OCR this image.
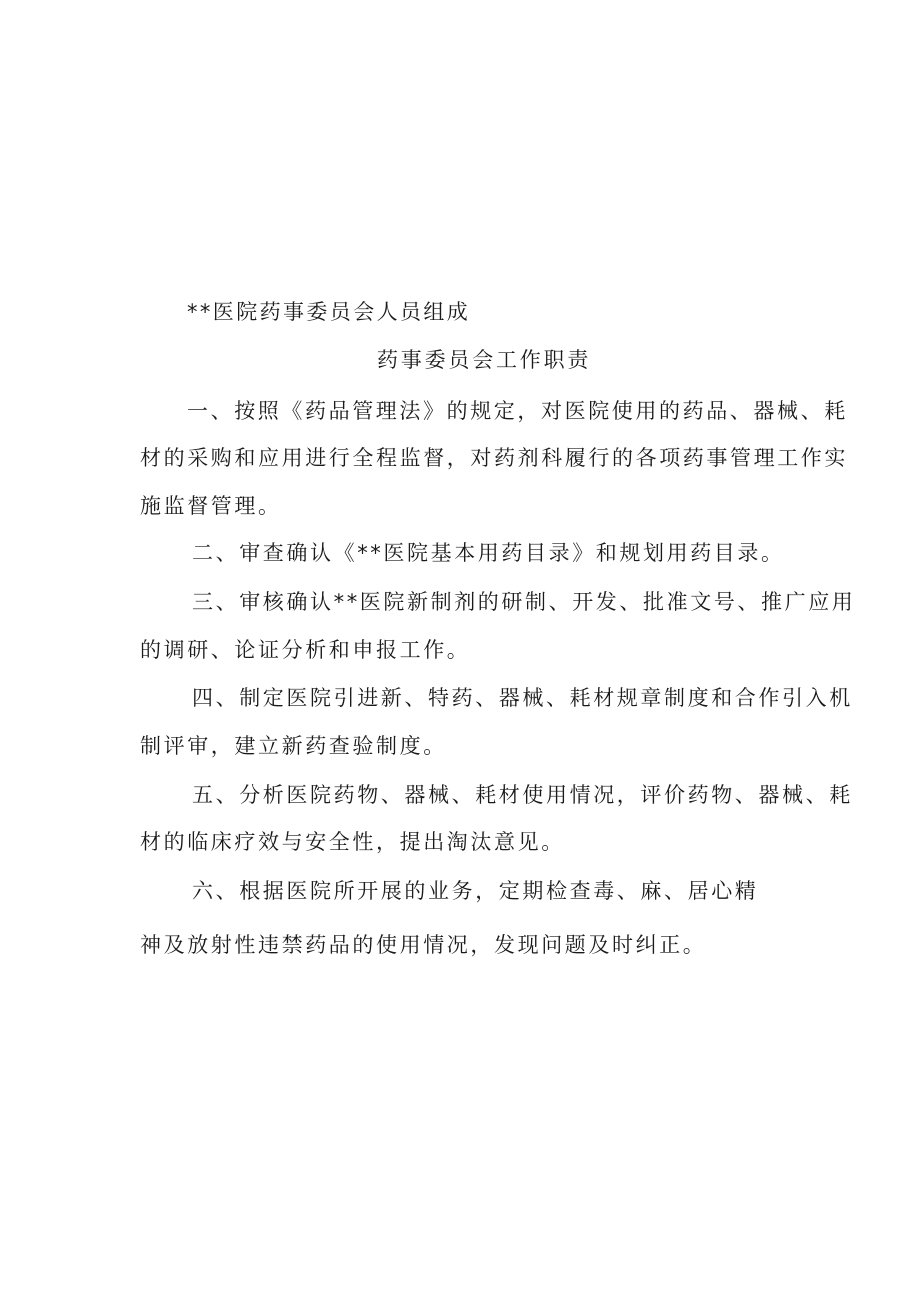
**医院药事委员会人员组成
药事委员会工作职责
一、按照《药品管理法》的规定，对医院使用的药品、器械、耗
材的采购和应用进行全程监督，对药剂科履行的各项药事管理工作实
施监督管理。
二、审查确认《**医院基本用药目录》和规划用药目录。
三、审核确认**医院新制剂的研制、开发、批准文号、推广应用
的调研、论证分析和申报工作。
四、制定医院引进新、特药、器械、耗材规章制度和合作引入机
制评审，建立新药查验制度。
五、分析医院药物、器械、耗材使用情况，评价药物、器械、耗
材的临床疗效与安全性，提出淘汰意见。
六、根据医院所开展的业务，定期检查毒、麻、居心精
神及放射性违禁药品的使用情况，发现问题及时纠正。
